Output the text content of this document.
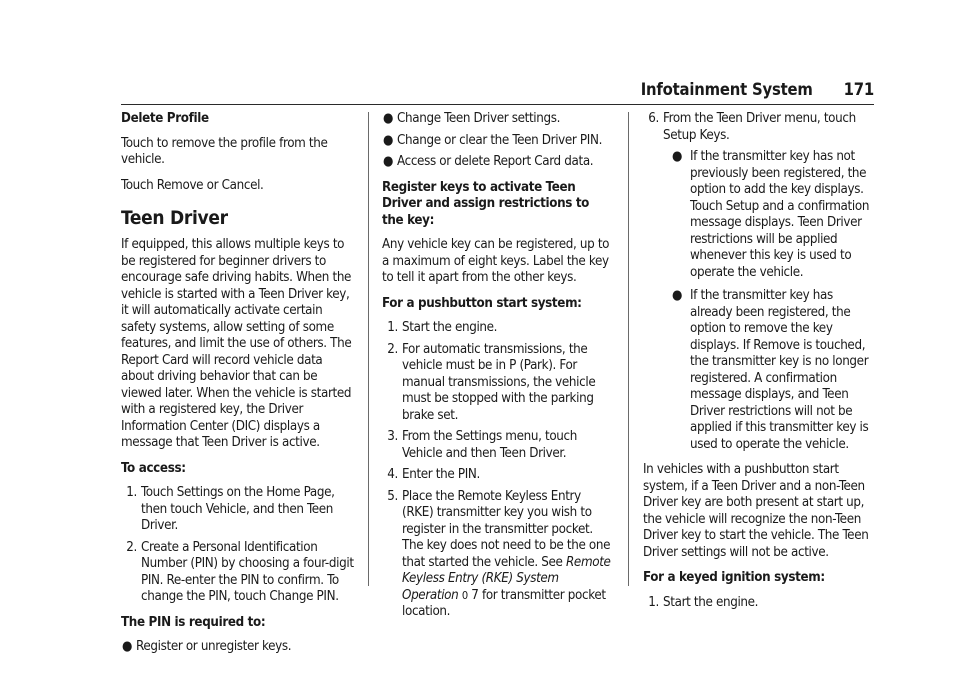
Infotainment System 171

Delete Profile

Touch to remove the profile from the vehicle.

Touch Remove or Cancel.

Teen Driver

If equipped, this allows multiple keys to be registered for beginner drivers to encourage safe driving habits. When the vehicle is started with a Teen Driver key, it will automatically activate certain safety systems, allow setting of some features, and limit the use of others. The Report Card will record vehicle data about driving behavior that can be viewed later. When the vehicle is started with a registered key, the Driver Information Center (DIC) displays a message that Teen Driver is active.

To access:

1. Touch Settings on the Home Page, then touch Vehicle, and then Teen Driver.
2. Create a Personal Identification Number (PIN) by choosing a four-digit PIN. Re-enter the PIN to confirm. To change the PIN, touch Change PIN.

The PIN is required to:

● Register or unregister keys.
● Change Teen Driver settings.
● Change or clear the Teen Driver PIN.
● Access or delete Report Card data.

Register keys to activate Teen Driver and assign restrictions to the key:

Any vehicle key can be registered, up to a maximum of eight keys. Label the key to tell it apart from the other keys.

For a pushbutton start system:

1. Start the engine.
2. For automatic transmissions, the vehicle must be in P (Park). For manual transmissions, the vehicle must be stopped with the parking brake set.
3. From the Settings menu, touch Vehicle and then Teen Driver.
4. Enter the PIN.
5. Place the Remote Keyless Entry (RKE) transmitter key you wish to register in the transmitter pocket. The key does not need to be the one that started the vehicle. See Remote Keyless Entry (RKE) System Operation 0 7 for transmitter pocket location.
6. From the Teen Driver menu, touch Setup Keys.
● If the transmitter key has not previously been registered, the option to add the key displays. Touch Setup and a confirmation message displays. Teen Driver restrictions will be applied whenever this key is used to operate the vehicle.
● If the transmitter key has already been registered, the option to remove the key displays. If Remove is touched, the transmitter key is no longer registered. A confirmation message displays, and Teen Driver restrictions will not be applied if this transmitter key is used to operate the vehicle.

In vehicles with a pushbutton start system, if a Teen Driver and a non-Teen Driver key are both present at start up, the vehicle will recognize the non-Teen Driver key to start the vehicle. The Teen Driver settings will not be active.

For a keyed ignition system:

1. Start the engine.
